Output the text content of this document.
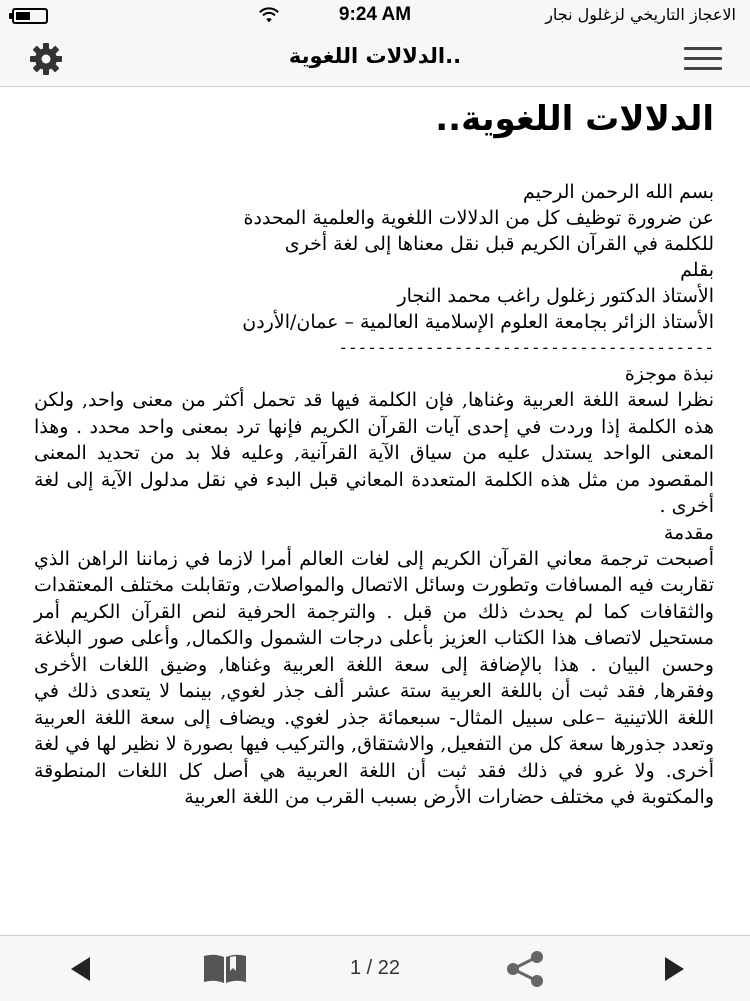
9:24 AM	الاعجاز التاريخي لزغلول نجار
..الدلالات اللغوية
الدلالات اللغوية..
بسم الله الرحمن الرحيم
عن ضرورة توظيف كل من الدلالات اللغوية والعلمية المحددة
للكلمة في القرآن الكريم قبل نقل معناها إلى لغة أخرى
بقلم
الأستاذ الدكتور زغلول راغب محمد النجار
الأستاذ الزائر بجامعة العلوم الإسلامية العالمية – عمان/الأردن
---------------------------------------
نبذة موجزة
نظرا لسعة اللغة العربية وغناها, فإن الكلمة فيها قد تحمل أكثر من معنى واحد, ولكن هذه الكلمة إذا وردت في إحدى آيات القرآن الكريم فإنها ترد بمعنى واحد محدد . وهذا المعنى الواحد يستدل عليه من سياق الآية القرآنية, وعليه فلا بد من تحديد المعنى المقصود من مثل هذه الكلمة المتعددة المعاني قبل البدء في نقل مدلول الآية إلى لغة أخرى .
مقدمة
أصبحت ترجمة معاني القرآن الكريم إلى لغات العالم أمرا لازما في زماننا الراهن الذي تقاربت فيه المسافات وتطورت وسائل الاتصال والمواصلات, وتقابلت مختلف المعتقدات والثقافات كما لم يحدث ذلك من قبل . والترجمة الحرفية لنص القرآن الكريم أمر مستحيل لاتصاف هذا الكتاب العزيز بأعلى درجات الشمول والكمال, وأعلى صور البلاغة وحسن البيان . هذا بالإضافة إلى سعة اللغة العربية وغناها, وضيق اللغات الأخرى وفقرها, فقد ثبت أن باللغة العربية ستة عشر ألف جذر لغوي, بينما لا يتعدى ذلك في اللغة اللاتينية –على سبيل المثال- سبعمائة جذر لغوي. ويضاف إلى سعة اللغة العربية وتعدد جذورها سعة كل من التفعيل, والاشتقاق, والتركيب فيها بصورة لا نظير لها في لغة أخرى. ولا غرو في ذلك فقد ثبت أن اللغة العربية هي أصل كل اللغات المنطوقة والمكتوبة في مختلف حضارات الأرض بسبب القرب من اللغة العربية
1 / 22
